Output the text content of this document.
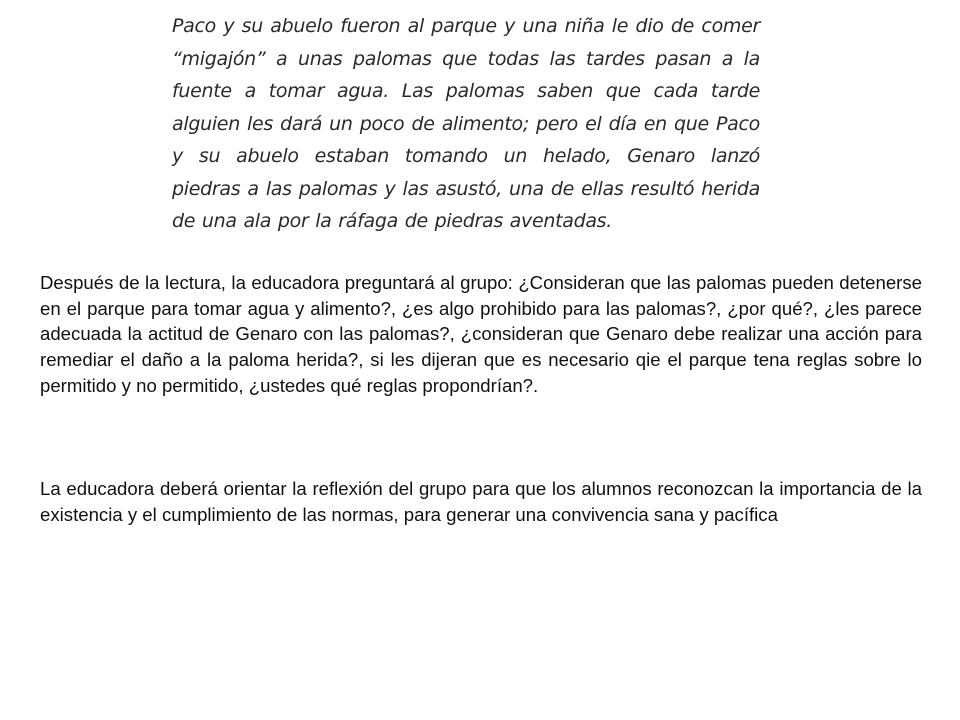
Paco y su abuelo fueron al parque y una niña le dio de comer “migajón” a unas palomas que todas las tardes pasan a la fuente a tomar agua. Las palomas saben que cada tarde alguien les dará un poco de alimento; pero el día en que Paco y su abuelo estaban tomando un helado, Genaro lanzó piedras a las palomas y las asustó, una de ellas resultó herida de una ala por la ráfaga de piedras aventadas.

Después de la lectura, la educadora preguntará al grupo: ¿Consideran que las palomas pueden detenerse en el parque para tomar agua y alimento?, ¿es algo prohibido para las palomas?, ¿por qué?, ¿les parece adecuada la actitud de Genaro con las palomas?, ¿consideran que Genaro debe realizar una acción para remediar el daño a la paloma herida?, si les dijeran que es necesario qie el parque tena reglas sobre lo permitido y no permitido, ¿ustedes qué reglas propondrían?.

La educadora deberá orientar la reflexión del grupo para que los alumnos reconozcan la importancia de la existencia y el cumplimiento de las normas, para generar una convivencia sana y pacífica
